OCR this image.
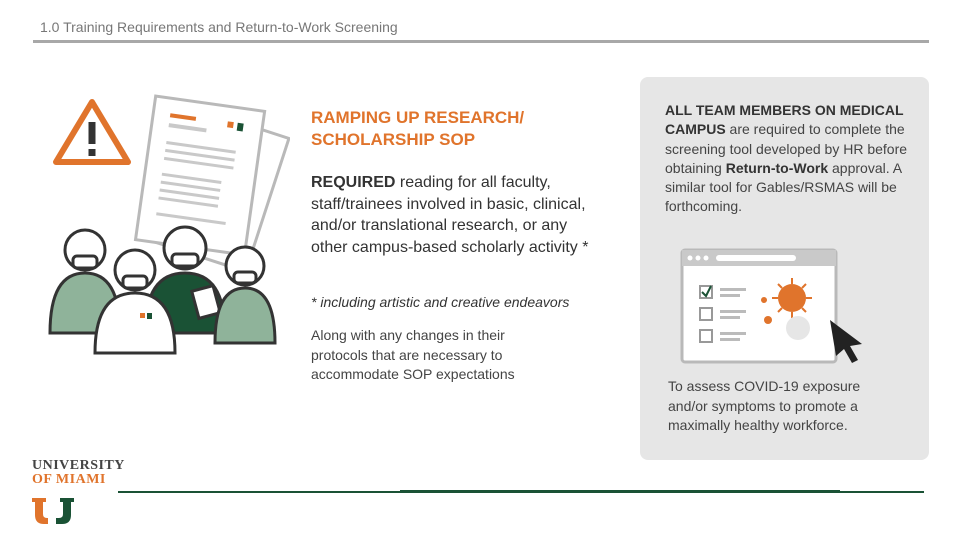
1.0 Training Requirements and Return-to-Work Screening
RAMPING UP RESEARCH/ SCHOLARSHIP SOP
REQUIRED reading for all faculty, staff/trainees involved in basic, clinical, and/or translational research, or any other campus-based scholarly activity *
* including artistic and creative endeavors
Along with any changes in their protocols that are necessary to accommodate SOP expectations
ALL TEAM MEMBERS ON MEDICAL CAMPUS are required to complete the screening tool developed by HR before obtaining Return-to-Work approval. A similar tool for Gables/RSMAS will be forthcoming.
To assess COVID-19 exposure and/or symptoms to promote a maximally healthy workforce.
UNIVERSITY
OF MIAMI
